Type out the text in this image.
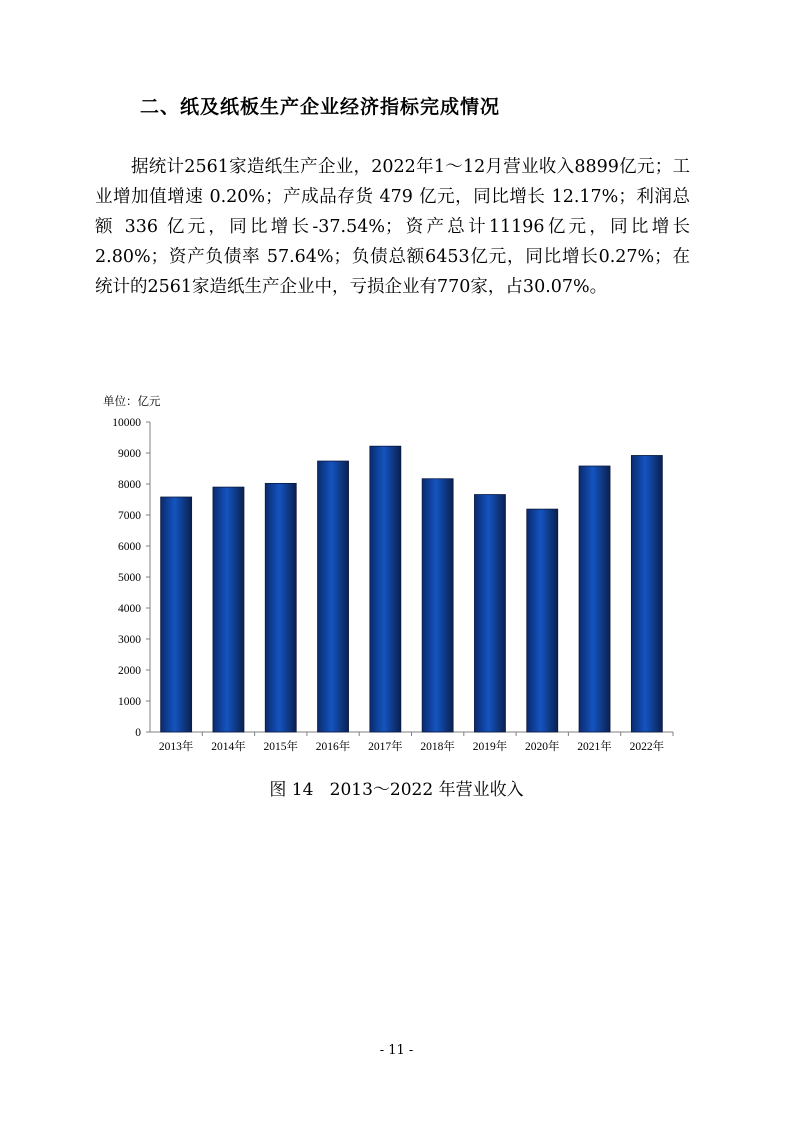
二、纸及纸板生产企业经济指标完成情况

据统计2561家造纸生产企业，2022年1～12月营业收入8899亿元；工业增加值增速 0.20%；产成品存货 479 亿元，同比增长 12.17%；利润总额 336 亿元，同比增长-37.54%；资产总计11196亿元，同比增长 2.80%；资产负债率 57.64%；负债总额6453亿元，同比增长0.27%；在统计的2561家造纸生产企业中，亏损企业有770家，占30.07%。

单位：亿元
0
1000
2000
3000
4000
5000
6000
7000
8000
9000
10000
2013年 2014年 2015年 2016年 2017年 2018年 2019年 2020年 2021年 2022年
图 14 2013～2022 年营业收入
- 11 -
